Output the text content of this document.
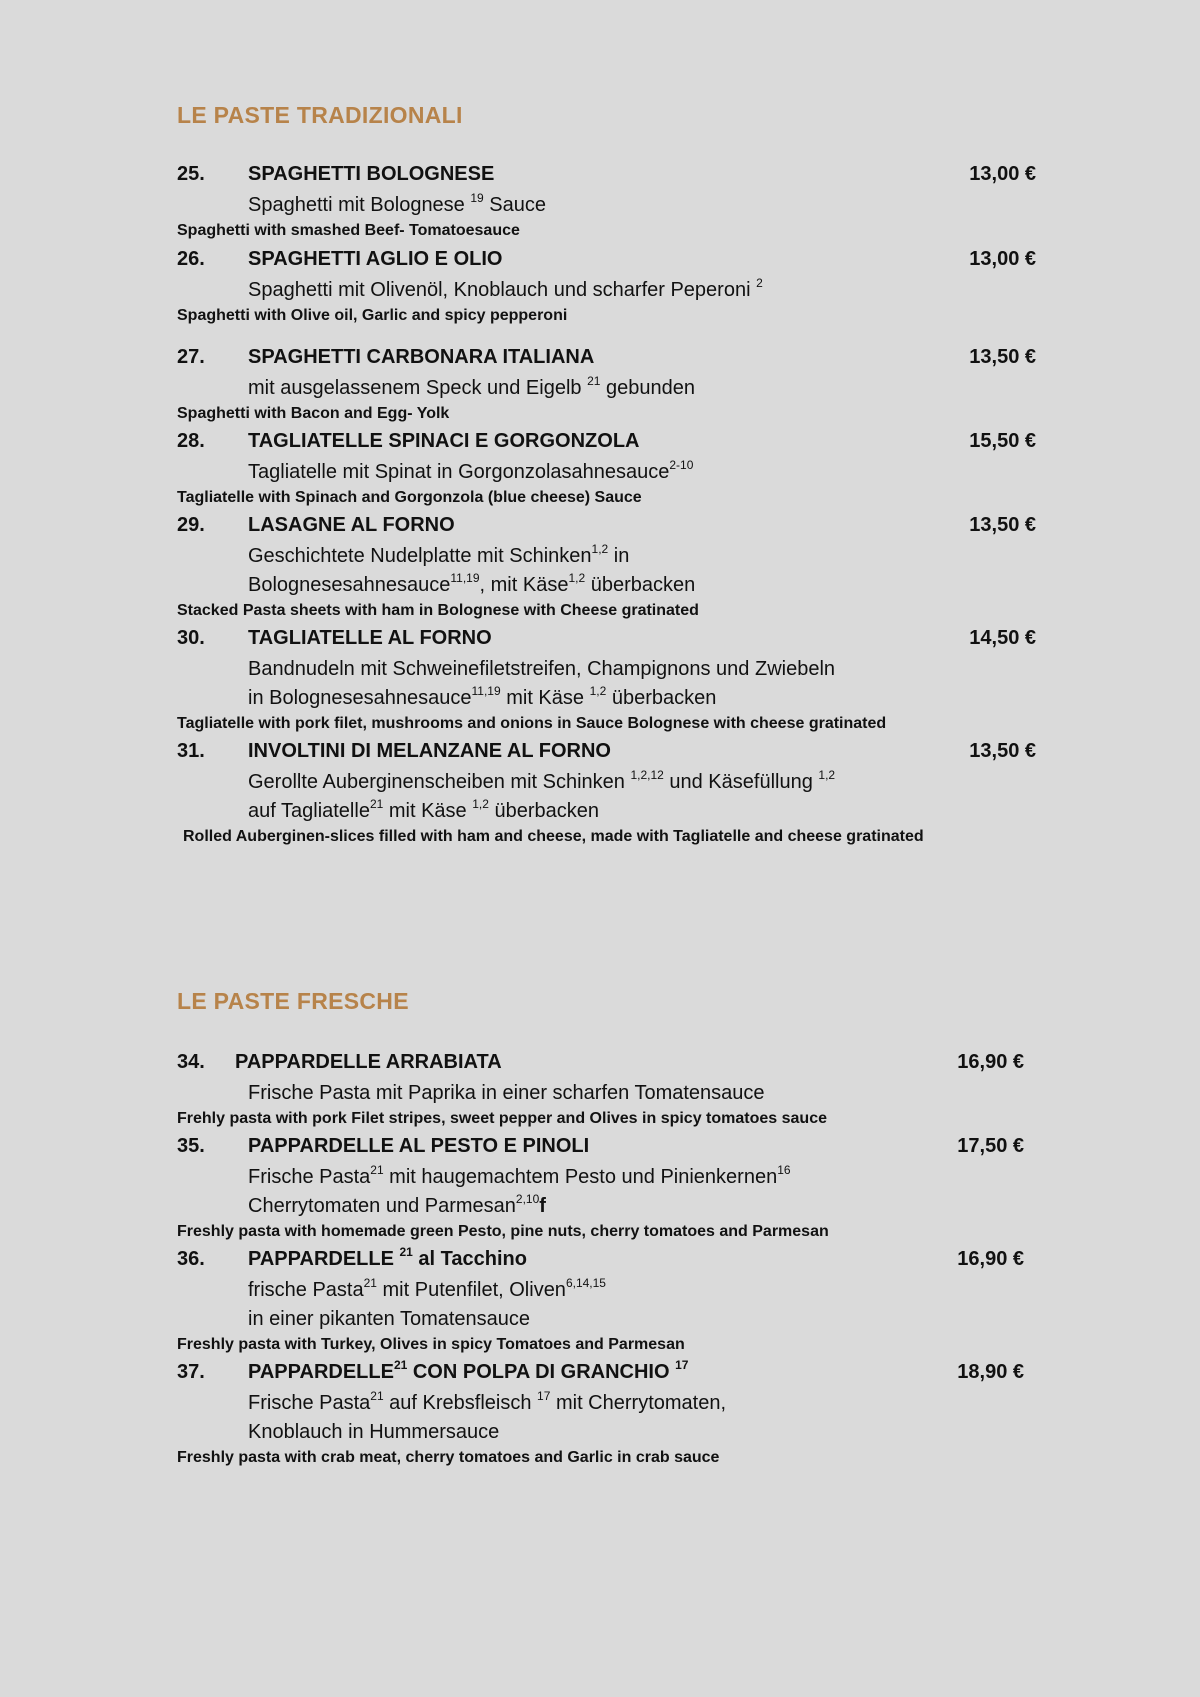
LE PASTE TRADIZIONALI
25. SPAGHETTI BOLOGNESE	13,00 €
Spaghetti mit Bolognese $^{19}$ Sauce
Spaghetti with smashed Beef- Tomatoesauce
26. SPAGHETTI AGLIO E OLIO	13,00 €
Spaghetti mit Olivenöl, Knoblauch und scharfer Peperoni $^2$
Spaghetti with Olive oil, Garlic and spicy pepperoni
27. SPAGHETTI CARBONARA ITALIANA	13,50 €
mit ausgelassenem Speck und Eigelb $^{21}$ gebunden
Spaghetti with Bacon and Egg- Yolk
28. TAGLIATELLE SPINACI E GORGONZOLA	15,50 €
Tagliatelle mit Spinat in Gorgonzolasahnesauce$^{2-10}$
Tagliatelle with Spinach and Gorgonzola (blue cheese) Sauce
29. LASAGNE AL FORNO	13,50 €
Geschichtete Nudelplatte mit Schinken$^{1,2}$ in
Bolognesesahnesauce$^{11,19}$, mit Käse$^{1,2}$ überbacken
Stacked Pasta sheets with ham in Bolognese with Cheese gratinated
30. TAGLIATELLE AL FORNO	14,50 €
Bandnudeln mit Schweinefiletstreifen, Champignons und Zwiebeln
in Bolognesesahnesauce$^{11,19}$ mit Käse $^{1,2}$ überbacken
Tagliatelle with pork filet, mushrooms and onions in Sauce Bolognese with cheese gratinated
31. INVOLTINI DI MELANZANE AL FORNO	13,50 €
Gerollte Auberginenscheiben mit Schinken $^{1,2,12}$ und Käsefüllung $^{1,2}$
auf Tagliatelle$^{21}$ mit Käse $^{1,2}$ überbacken
Rolled Auberginen-slices filled with ham and cheese, made with Tagliatelle and cheese gratinated
LE PASTE FRESCHE
34. PAPPARDELLE ARRABIATA	16,90 €
Frische Pasta mit Paprika in einer scharfen Tomatensauce
Frehly pasta with pork Filet stripes, sweet pepper and Olives in spicy tomatoes sauce
35. PAPPARDELLE AL PESTO E PINOLI	17,50 €
Frische Pasta$^{21}$ mit haugemachtem Pesto und Pinienkernen$^{16}$
Cherrytomaten und Parmesan$^{2,10}$f
Freshly pasta with homemade green Pesto, pine nuts, cherry tomatoes and Parmesan
36. PAPPARDELLE $^{21}$ al Tacchino	16,90 €
frische Pasta$^{21}$ mit Putenfilet, Oliven$^{6,14,15}$
in einer pikanten Tomatensauce
Freshly pasta with Turkey, Olives in spicy Tomatoes and Parmesan
37. PAPPARDELLE$^{21}$ CON POLPA DI GRANCHIO $^{17}$	18,90 €
Frische Pasta$^{21}$ auf Krebsfleisch $^{17}$ mit Cherrytomaten,
Knoblauch in Hummersauce
Freshly pasta with crab meat, cherry tomatoes and Garlic in crab sauce
